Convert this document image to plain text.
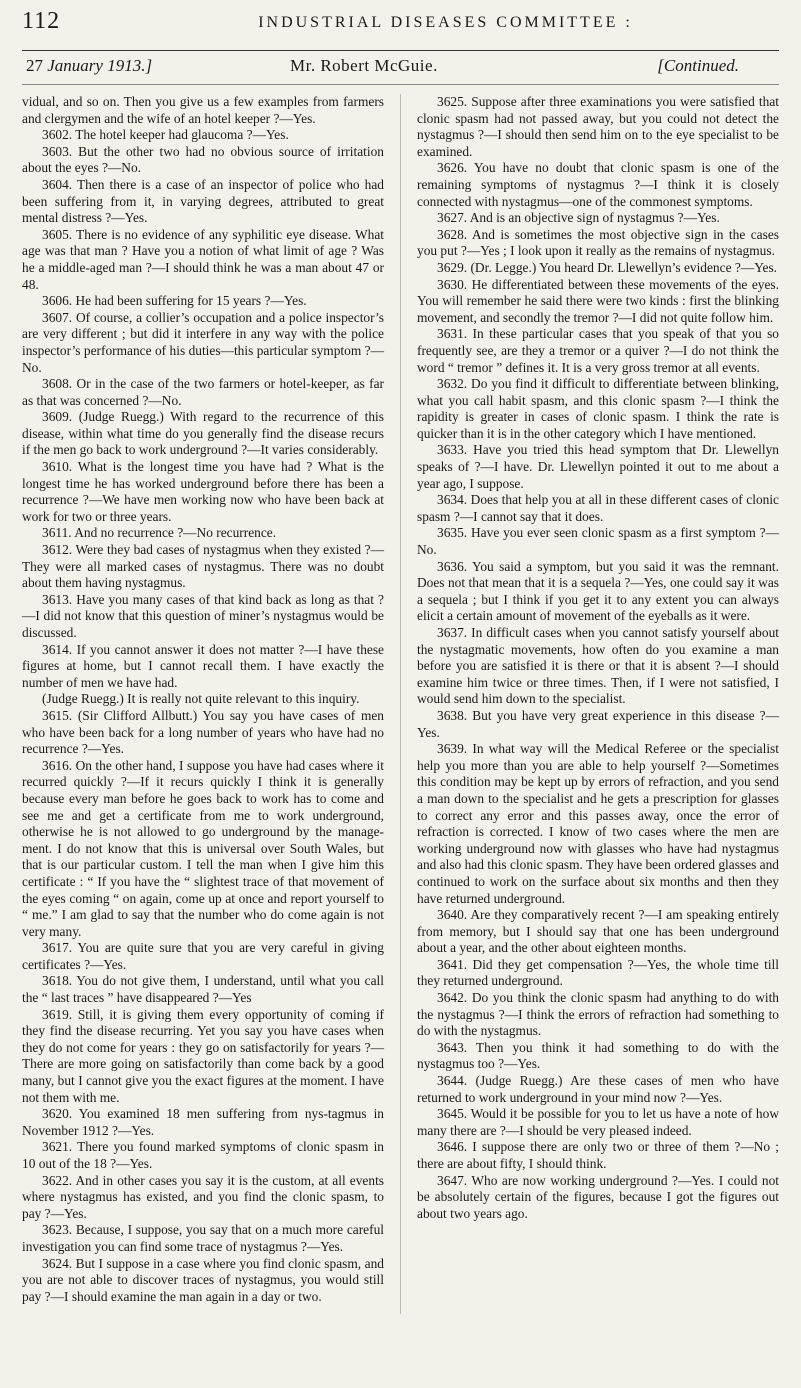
112	INDUSTRIAL DISEASES COMMITTEE :
27 January 1913.]	Mr. Robert McGuie.	[Continued.

vidual, and so on. Then you give us a few examples from farmers and clergymen and the wife of an hotel keeper ?—Yes.

3602. The hotel keeper had glaucoma ?—Yes.

3603. But the other two had no obvious source of irritation about the eyes ?—No.

3604. Then there is a case of an inspector of police who had been suffering from it, in varying degrees, attributed to great mental distress ?—Yes.

3605. There is no evidence of any syphilitic eye disease. What age was that man ? Have you a notion of what limit of age ? Was he a middle-aged man ?—I should think he was a man about 47 or 48.

3606. He had been suffering for 15 years ?—Yes.

3607. Of course, a collier’s occupation and a police inspector’s are very different ; but did it interfere in any way with the police inspector’s performance of his duties—this particular symptom ?—No.

3608. Or in the case of the two farmers or hotel-keeper, as far as that was concerned ?—No.

3609. (Judge Ruegg.) With regard to the recurrence of this disease, within what time do you generally find the disease recurs if the men go back to work underground ?—It varies considerably.

3610. What is the longest time you have had ? What is the longest time he has worked underground before there has been a recurrence ?—We have men working now who have been back at work for two or three years.

3611. And no recurrence ?—No recurrence.

3612. Were they bad cases of nystagmus when they existed ?—They were all marked cases of nystagmus. There was no doubt about them having nystagmus.

3613. Have you many cases of that kind back as long as that ?—I did not know that this question of miner’s nystagmus would be discussed.

3614. If you cannot answer it does not matter ?—I have these figures at home, but I cannot recall them. I have exactly the number of men we have had.

(Judge Ruegg.) It is really not quite relevant to this inquiry.

3615. (Sir Clifford Allbutt.) You say you have cases of men who have been back for a long number of years who have had no recurrence ?—Yes.

3616. On the other hand, I suppose you have had cases where it recurred quickly ?—If it recurs quickly I think it is generally because every man before he goes back to work has to come and see me and get a certificate from me to work underground, otherwise he is not allowed to go underground by the manage-ment. I do not know that this is universal over South Wales, but that is our particular custom. I tell the man when I give him this certificate : “ If you have the “ slightest trace of that movement of the eyes coming “ on again, come up at once and report yourself to “ me.” I am glad to say that the number who do come again is not very many.

3617. You are quite sure that you are very careful in giving certificates ?—Yes.

3618. You do not give them, I understand, until what you call the “ last traces ” have disappeared ?—Yes

3619. Still, it is giving them every opportunity of coming if they find the disease recurring. Yet you say you have cases when they do not come for years : they go on satisfactorily for years ?—There are more going on satisfactorily than come back by a good many, but I cannot give you the exact figures at the moment. I have not them with me.

3620. You examined 18 men suffering from nys-tagmus in November 1912 ?—Yes.

3621. There you found marked symptoms of clonic spasm in 10 out of the 18 ?—Yes.

3622. And in other cases you say it is the custom, at all events where nystagmus has existed, and you find the clonic spasm, to pay ?—Yes.

3623. Because, I suppose, you say that on a much more careful investigation you can find some trace of nystagmus ?—Yes.

3624. But I suppose in a case where you find clonic spasm, and you are not able to discover traces of nystagmus, you would still pay ?—I should examine the man again in a day or two.

3625. Suppose after three examinations you were satisfied that clonic spasm had not passed away, but you could not detect the nystagmus ?—I should then send him on to the eye specialist to be examined.

3626. You have no doubt that clonic spasm is one of the remaining symptoms of nystagmus ?—I think it is closely connected with nystagmus—one of the commonest symptoms.

3627. And is an objective sign of nystagmus ?—Yes.

3628. And is sometimes the most objective sign in the cases you put ?—Yes ; I look upon it really as the remains of nystagmus.

3629. (Dr. Legge.) You heard Dr. Llewellyn’s evidence ?—Yes.

3630. He differentiated between these movements of the eyes. You will remember he said there were two kinds : first the blinking movement, and secondly the tremor ?—I did not quite follow him.

3631. In these particular cases that you speak of that you so frequently see, are they a tremor or a quiver ?—I do not think the word “ tremor ” defines it. It is a very gross tremor at all events.

3632. Do you find it difficult to differentiate between blinking, what you call habit spasm, and this clonic spasm ?—I think the rapidity is greater in cases of clonic spasm. I think the rate is quicker than it is in the other category which I have mentioned.

3633. Have you tried this head symptom that Dr. Llewellyn speaks of ?—I have. Dr. Llewellyn pointed it out to me about a year ago, I suppose.

3634. Does that help you at all in these different cases of clonic spasm ?—I cannot say that it does.

3635. Have you ever seen clonic spasm as a first symptom ?—No.

3636. You said a symptom, but you said it was the remnant. Does not that mean that it is a sequela ?—Yes, one could say it was a sequela ; but I think if you get it to any extent you can always elicit a certain amount of movement of the eyeballs as it were.

3637. In difficult cases when you cannot satisfy yourself about the nystagmatic movements, how often do you examine a man before you are satisfied it is there or that it is absent ?—I should examine him twice or three times. Then, if I were not satisfied, I would send him down to the specialist.

3638. But you have very great experience in this disease ?—Yes.

3639. In what way will the Medical Referee or the specialist help you more than you are able to help yourself ?—Sometimes this condition may be kept up by errors of refraction, and you send a man down to the specialist and he gets a prescription for glasses to correct any error and this passes away, once the error of refraction is corrected. I know of two cases where the men are working underground now with glasses who have had nystagmus and also had this clonic spasm. They have been ordered glasses and continued to work on the surface about six months and then they have returned underground.

3640. Are they comparatively recent ?—I am speaking entirely from memory, but I should say that one has been underground about a year, and the other about eighteen months.

3641. Did they get compensation ?—Yes, the whole time till they returned underground.

3642. Do you think the clonic spasm had anything to do with the nystagmus ?—I think the errors of refraction had something to do with the nystagmus.

3643. Then you think it had something to do with the nystagmus too ?—Yes.

3644. (Judge Ruegg.) Are these cases of men who have returned to work underground in your mind now ?—Yes.

3645. Would it be possible for you to let us have a note of how many there are ?—I should be very pleased indeed.

3646. I suppose there are only two or three of them ?—No ; there are about fifty, I should think.

3647. Who are now working underground ?—Yes. I could not be absolutely certain of the figures, because I got the figures out about two years ago.
